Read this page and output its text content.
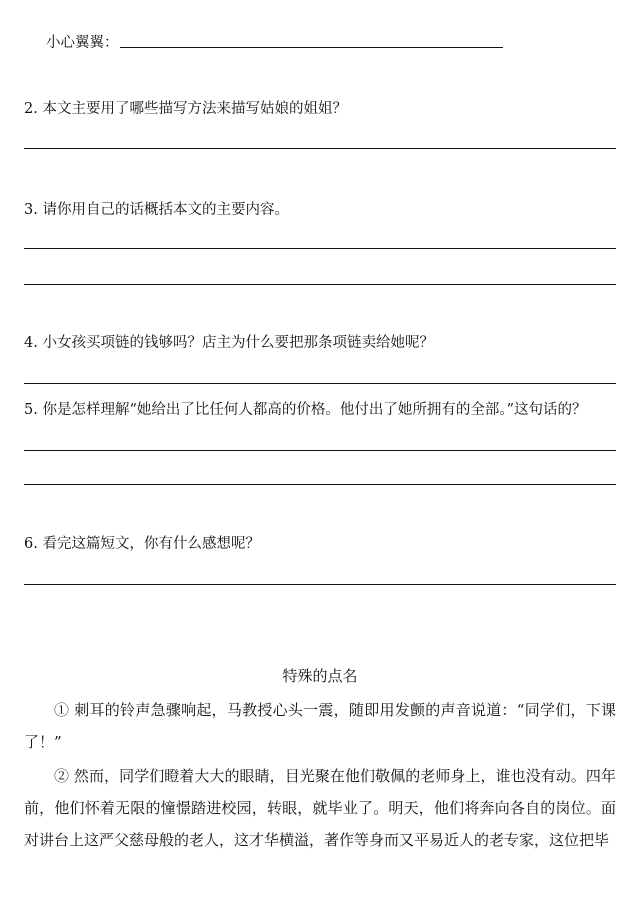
小心翼翼：
2. 本文主要用了哪些描写方法来描写姑娘的姐姐？
3. 请你用自己的话概括本文的主要内容。
4. 小女孩买项链的钱够吗？店主为什么要把那条项链卖给她呢？
5. 你是怎样理解“她给出了比任何人都高的价格。他付出了她所拥有的全部。”这句话的？
6. 看完这篇短文，你有什么感想呢？
特殊的点名
① 刺耳的铃声急骤响起，马教授心头一震，随即用发颤的声音说道：“同学们，下课了！”
② 然而，同学们瞪着大大的眼睛，目光聚在他们敬佩的老师身上，谁也没有动。四年前，他们怀着无限的憧憬踏进校园，转眼，就毕业了。明天，他们将奔向各自的岗位。面对讲台上这严父慈母般的老人，这才华横溢，著作等身而又平易近人的老专家，这位把毕
